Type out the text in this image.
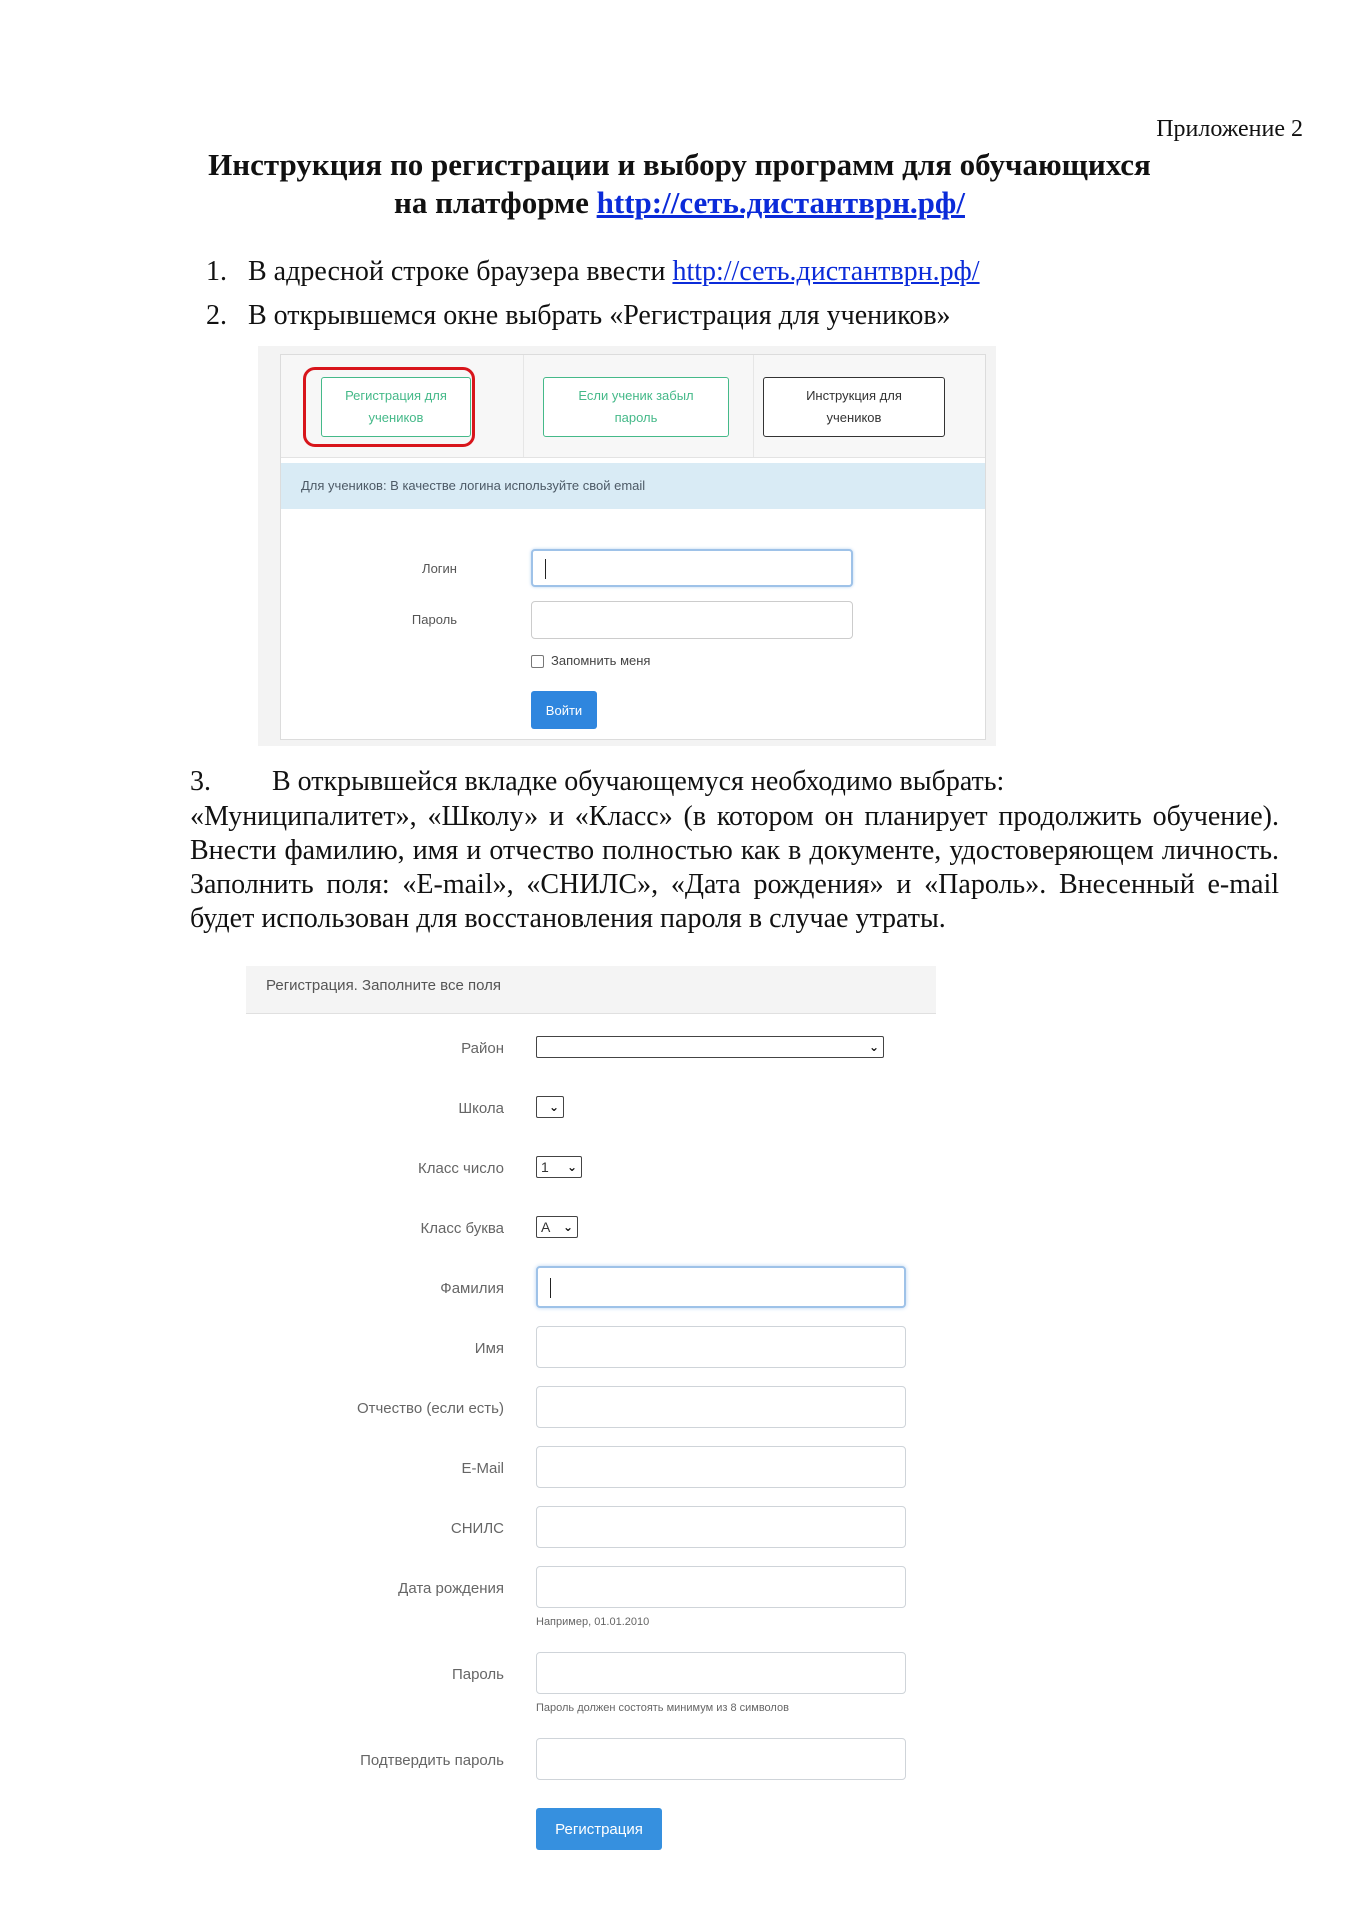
Приложение 2
Инструкция по регистрации и выбору программ для обучающихся
на платформе http://сеть.дистантврн.рф/
1. В адресной строке браузера ввести http://сеть.дистантврн.рф/
2. В открывшемся окне выбрать «Регистрация для учеников»
Регистрация для
учеников
Если ученик забыл
пароль
Инструкция для
учеников
Для учеников: В качестве логина используйте свой email
Логин
Пароль
Запомнить меня
Войти
3. В открывшейся вкладке обучающемуся необходимо выбрать:
«Муниципалитет», «Школу» и «Класс» (в котором он планирует продолжить обучение). Внести фамилию, имя и отчество полностью как в документе, удостоверяющем личность. Заполнить поля: «E-mail», «СНИЛС», «Дата рождения» и «Пароль». Внесенный e-mail будет использован для восстановления пароля в случае утраты.
Регистрация. Заполните все поля
Район	⌄
Школа	⌄
Класс число	1 ⌄
Класс буква	А ⌄
Фамилия
Имя
Отчество (если есть)
E-Mail
СНИЛС
Дата рождения
Например, 01.01.2010
Пароль
Пароль должен состоять минимум из 8 символов
Подтвердить пароль
Регистрация
